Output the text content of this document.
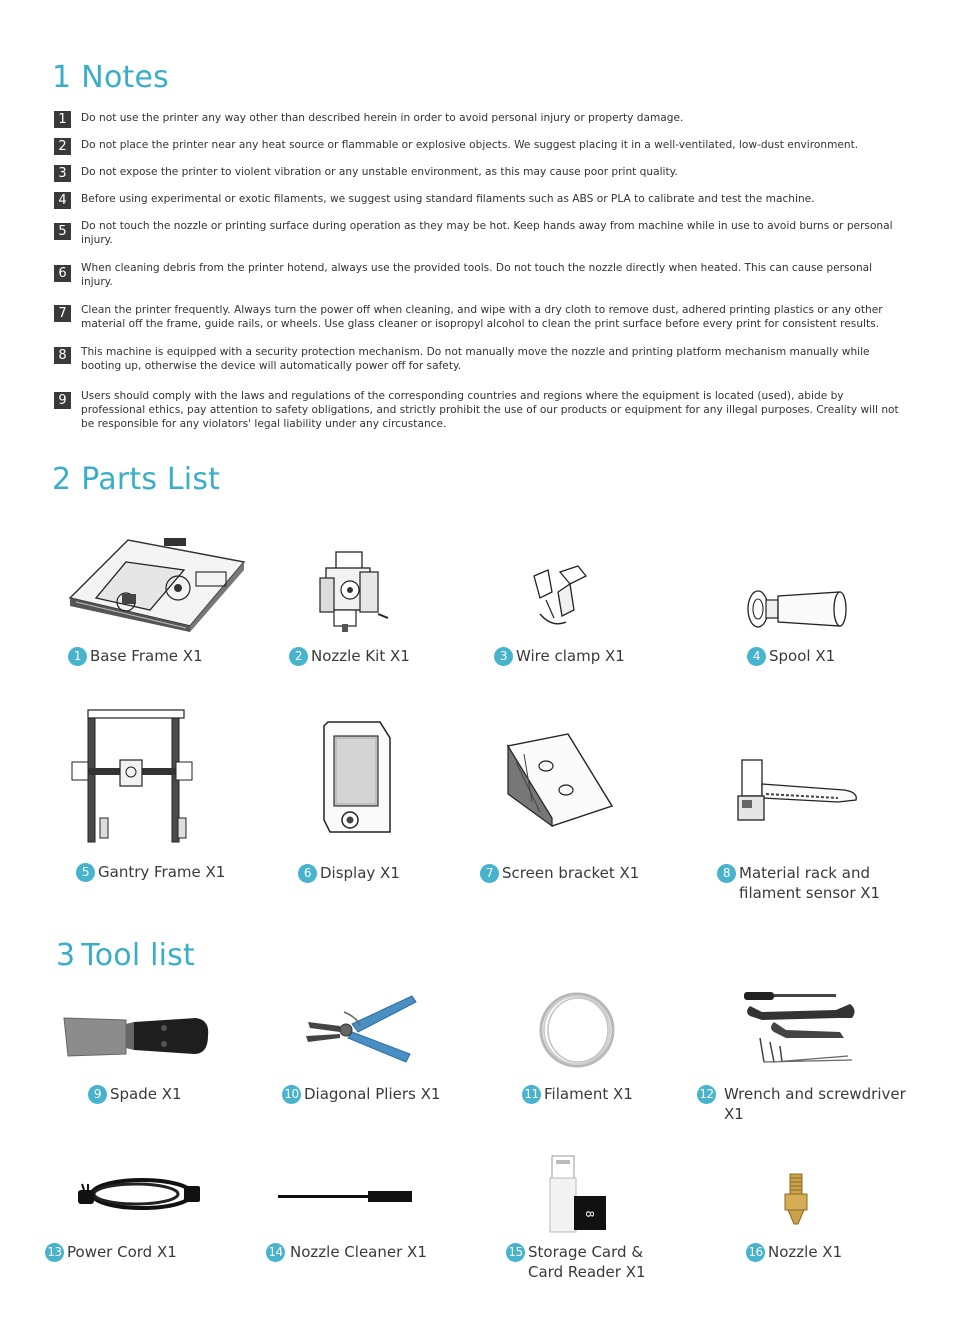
1 Notes
1	Do not use the printer any way other than described herein in order to avoid personal injury or property damage.
2	Do not place the printer near any heat source or flammable or explosive objects. We suggest placing it in a well-ventilated, low-dust environment.
3	Do not expose the printer to violent vibration or any unstable environment, as this may cause poor print quality.
4	Before using experimental or exotic filaments, we suggest using standard filaments such as ABS or PLA to calibrate and test the machine.
5	Do not touch the nozzle or printing surface during operation as they may be hot. Keep hands away from machine while in use to avoid burns or personal injury.
6	When cleaning debris from the printer hotend, always use the provided tools. Do not touch the nozzle directly when heated. This can cause personal injury.
7	Clean the printer frequently. Always turn the power off when cleaning, and wipe with a dry cloth to remove dust, adhered printing plastics or any other material off the frame, guide rails, or wheels. Use glass cleaner or isopropyl alcohol to clean the print surface before every print for consistent results.
8	This machine is equipped with a security protection mechanism. Do not manually move the nozzle and printing platform mechanism manually while booting up, otherwise the device will automatically power off for safety.
9	Users should comply with the laws and regulations of the corresponding countries and regions where the equipment is located (used), abide by professional ethics, pay attention to safety obligations, and strictly prohibit the use of our products or equipment for any illegal purposes. Creality will not be responsible for any violators' legal liability under any circustance.
2 Parts List
1 Base Frame X1	2 Nozzle Kit X1	3 Wire clamp X1	4 Spool X1
5 Gantry Frame X1	6 Display X1	7 Screen bracket X1	8 Material rack and
filament sensor X1
3 Tool list
9 Spade X1	10 Diagonal Pliers X1	11 Filament X1	12 Wrench and screwdriver
X1
13 Power Cord X1	14 Nozzle Cleaner X1
8
15 Storage Card &
Card Reader X1
16 Nozzle X1
